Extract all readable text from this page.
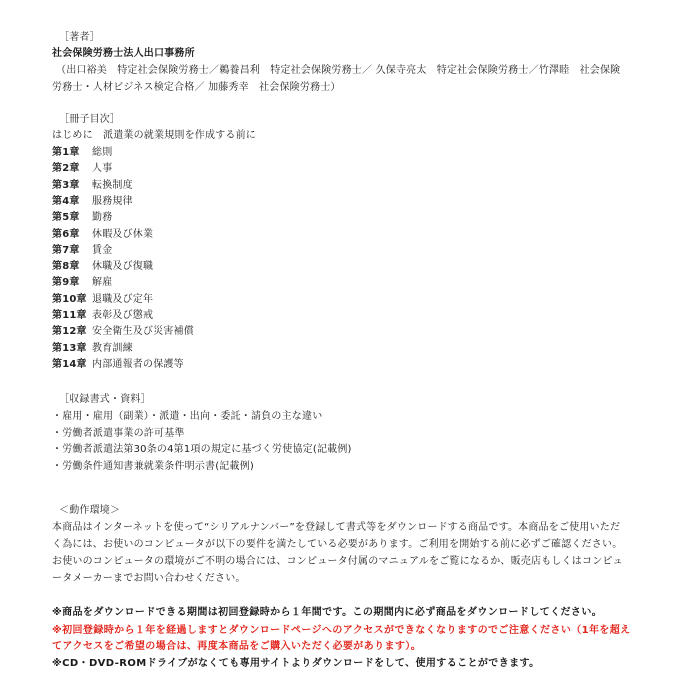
［著者］
社会保険労務士法人出口事務所
（出口裕美　特定社会保険労務士／鵜養昌利　特定社会保険労務士／ 久保寺亮太　特定社会保険労務士／竹澤睦　社会保険
労務士・人材ビジネス検定合格／ 加藤秀幸　社会保険労務士）
［冊子目次］
はじめに　派遣業の就業規則を作成する前に
第1章 総則
第2章 人事
第3章 転換制度
第4章 服務規律
第5章 勤務
第6章 休暇及び休業
第7章 賃金
第8章 休職及び復職
第9章 解雇
第10章 退職及び定年
第11章 表彰及び懲戒
第12章 安全衛生及び災害補償
第13章 教育訓練
第14章 内部通報者の保護等
［収録書式・資料］
・雇用・雇用（副業）・派遣・出向・委託・請負の主な違い
・労働者派遣事業の許可基準
・労働者派遣法第30条の4第1項の規定に基づく労使協定(記載例)
・労働条件通知書兼就業条件明示書(記載例)
＜動作環境＞
本商品はインターネットを使って“シリアルナンバー”を登録して書式等をダウンロードする商品です。本商品をご使用いただ
く為には、お使いのコンピュータが以下の要件を満たしている必要があります。ご利用を開始する前に必ずご確認ください。
お使いのコンピュータの環境がご不明の場合には、コンピュータ付属のマニュアルをご覧になるか、販売店もしくはコンピュ
ータメーカーまでお問い合わせください。
※商品をダウンロードできる期間は初回登録時から１年間です。この期間内に必ず商品をダウンロードしてください。
※初回登録時から１年を経過しますとダウンロードページへのアクセスができなくなりますのでご注意ください（1年を超え
てアクセスをご希望の場合は、再度本商品をご購入いただく必要があります）。
※CD・DVD-ROMドライブがなくても専用サイトよりダウンロードをして、使用することができます。
